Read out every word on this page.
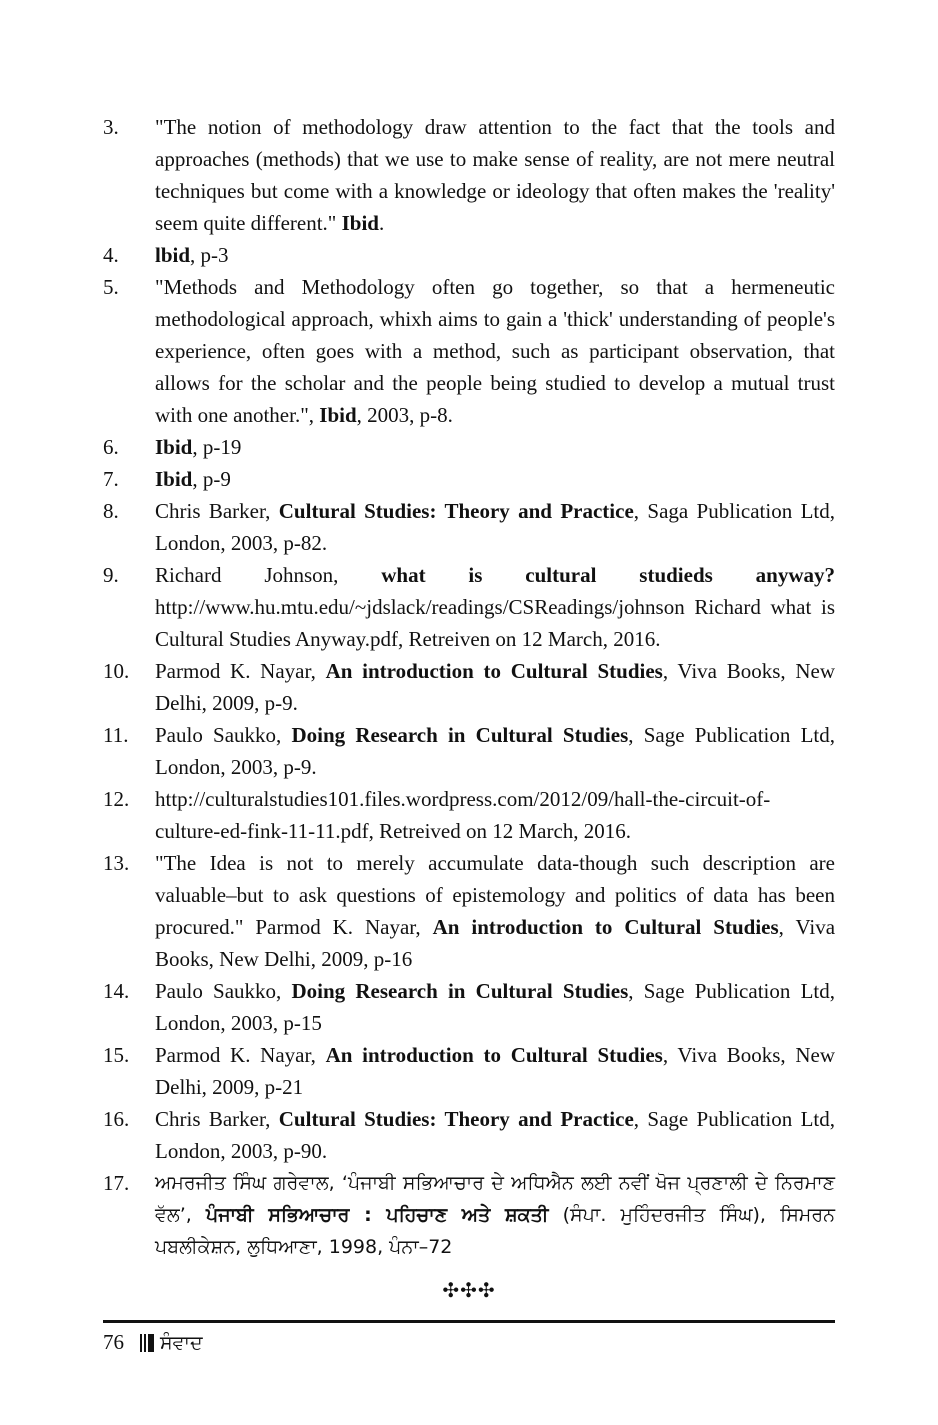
3.	"The notion of methodology draw attention to the fact that the tools and approaches (methods) that we use to make sense of reality, are not mere neutral techniques but come with a knowledge or ideology that often makes the 'reality' seem quite different." Ibid.
4.	lbid, p-3
5.	"Methods and Methodology often go together, so that a hermeneutic methodological approach, whixh aims to gain a 'thick' understanding of people's experience, often goes with a method, such as participant observation, that allows for the scholar and the people being studied to develop a mutual trust with one another.", Ibid, 2003, p-8.
6.	Ibid, p-19
7.	Ibid, p-9
8.	Chris Barker, Cultural Studies: Theory and Practice, Saga Publication Ltd, London, 2003, p-82.
9.	Richard Johnson, what is cultural studieds anyway? http://www.hu.mtu.edu/~jdslack/readings/CSReadings/johnson Richard what is Cultural Studies Anyway.pdf, Retreiven on 12 March, 2016.
10.	Parmod K. Nayar, An introduction to Cultural Studies, Viva Books, New Delhi, 2009, p-9.
11.	Paulo Saukko, Doing Research in Cultural Studies, Sage Publication Ltd, London, 2003, p-9.
12.	http://culturalstudies101.files.wordpress.com/2012/09/hall-the-circuit-of-culture-ed-fink-11-11.pdf, Retreived on 12 March, 2016.
13.	"The Idea is not to merely accumulate data-though such description are valuable–but to ask questions of epistemology and politics of data has been procured." Parmod K. Nayar, An introduction to Cultural Studies, Viva Books, New Delhi, 2009, p-16
14.	Paulo Saukko, Doing Research in Cultural Studies, Sage Publication Ltd, London, 2003, p-15
15.	Parmod K. Nayar, An introduction to Cultural Studies, Viva Books, New Delhi, 2009, p-21
16.	Chris Barker, Cultural Studies: Theory and Practice, Sage Publication Ltd, London, 2003, p-90.
17.	ਅਮਰਜੀਤ ਸਿੰਘ ਗਰੇਵਾਲ, ‘ਪੰਜਾਬੀ ਸਭਿਆਚਾਰ ਦੇ ਅਧਿਐਨ ਲਈ ਨਵੀਂ ਖੋਜ ਪ੍ਰਣਾਲੀ ਦੇ ਨਿਰਮਾਣ ਵੱਲ’, ਪੰਜਾਬੀ ਸਭਿਆਚਾਰ : ਪਹਿਚਾਣ ਅਤੇ ਸ਼ਕਤੀ (ਸੰਪਾ. ਮੁਹਿੰਦਰਜੀਤ ਸਿੰਘ), ਸਿਮਰਨ ਪਬਲੀਕੇਸ਼ਨ, ਲੁਧਿਆਣਾ, 1998, ਪੰਨਾ–72
✣✣✣
76 ਸੰਵਾਦ
